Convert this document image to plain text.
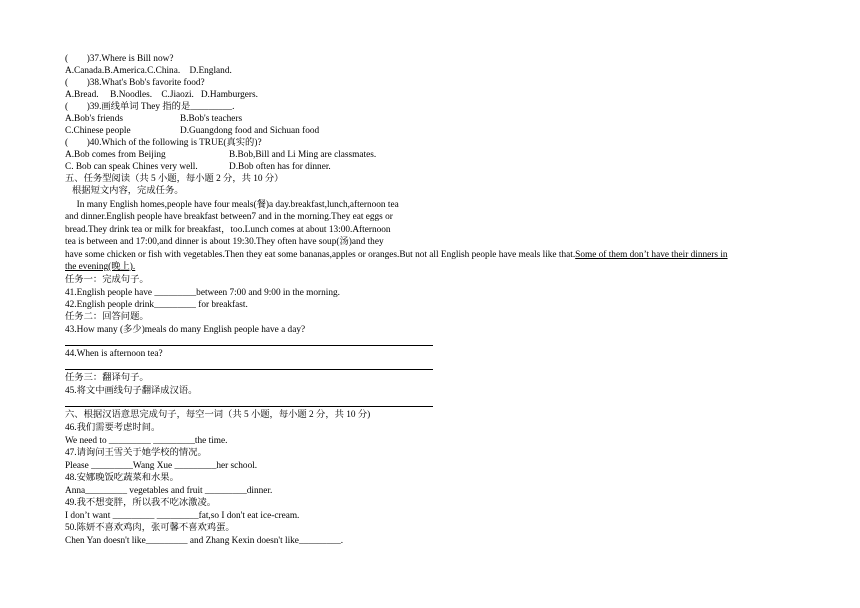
(        )37.Where is Bill now?
A.Canada.B.America.C.China.    D.England.
(        )38.What's Bob's favorite food?
A.Bread.     B.Noodles.    C.Jiaozi.   D.Hamburgers.
(        )39.画线单词 They 指的是_________.
A.Bob's friends	B.Bob's teachers
C.Chinese people	D.Guangdong food and Sichuan food
(        )40.Which of the following is TRUE(真实的)?
A.Bob comes from Beijing	B.Bob,Bill and Li Ming are classmates.
C. Bob can speak Chines very well.	D.Bob often has for dinner.
五、任务型阅读（共 5 小题，每小题 2 分，共 10 分）
根据短文内容，完成任务。
In many English homes,people have four meals(餐)a day.breakfast,lunch,afternoon tea
and dinner.English people have breakfast between7 and in the morning.They eat eggs or
bread.They drink tea or milk for breakfast，too.Lunch comes at about 13:00.Afternoon
tea is between and 17:00,and dinner is about 19:30.They often have soup(汤)and they
have some chicken or fish with vegetables.Then they eat some bananas,apples or oranges.But not all English people have meals like that.Some of them don’t have their dinners in
the evening(晚上).
任务一：完成句子。
41.English people have _________between 7:00 and 9:00 in the morning.
42.English people drink_________ for breakfast.
任务二：回答问题。
43.How many (多少)meals do many English people have a day?
44.When is afternoon tea?
任务三：翻译句子。
45.将文中画线句子翻译成汉语。
六、根据汉语意思完成句子，每空一词（共 5 小题，每小题 2 分，共 10 分)
46.我们需要考虑时间。
We need to _________ _________the time.
47.请询问王雪关于她学校的情况。
Please _________Wang Xue _________her school.
48.安娜晚饭吃蔬菜和水果。
Anna_________ vegetables and fruit _________dinner.
49.我不想变胖，所以我不吃冰激凌。
I don’t want _________ _________fat,so I don't eat ice-cream.
50.陈妍不喜欢鸡肉，张可馨不喜欢鸡蛋。
Chen Yan doesn't like_________ and Zhang Kexin doesn't like_________.
